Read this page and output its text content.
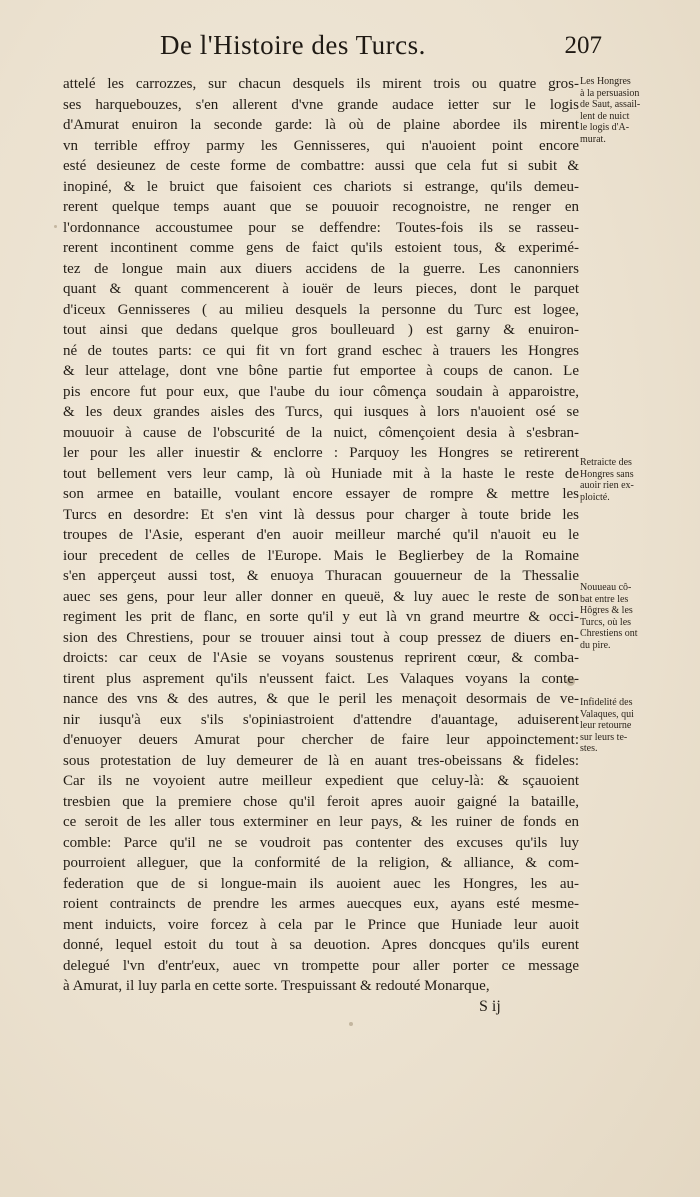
De l'Histoire des Turcs.	207
attelé les carrozzes, sur chacun desquels ils mirent trois ou quatre gros-
ses harquebouzes, s'en allerent d'vne grande audace ietter sur le logis
d'Amurat enuiron la seconde garde: là où de plaine abordee ils mirent
vn terrible effroy parmy les Gennisseres, qui n'auoient point encore
esté desieunez de ceste forme de combattre: aussi que cela fut si subit &
inopiné, & le bruict que faisoient ces chariots si estrange, qu'ils demeu-
rerent quelque temps auant que se pouuoir recognoistre, ne renger en
l'ordonnance accoustumee pour se deffendre: Toutes-fois ils se rasseu-
rerent incontinent comme gens de faict qu'ils estoient tous, & experimé-
tez de longue main aux diuers accidens de la guerre. Les canonniers
quant & quant commencerent à iouër de leurs pieces, dont le parquet
d'iceux Gennisseres ( au milieu desquels la personne du Turc est logee,
tout ainsi que dedans quelque gros boulleuard ) est garny & enuiron-
né de toutes parts: ce qui fit vn fort grand eschec à trauers les Hongres
& leur attelage, dont vne bône partie fut emportee à coups de canon. Le
pis encore fut pour eux, que l'aube du iour cômença soudain à apparoistre,
& les deux grandes aisles des Turcs, qui iusques à lors n'auoient osé se
mouuoir à cause de l'obscurité de la nuict, cômençoient desia à s'esbran-
ler pour les aller inuestir & enclorre : Parquoy les Hongres se retirerent
tout bellement vers leur camp, là où Huniade mit à la haste le reste de
son armee en bataille, voulant encore essayer de rompre & mettre les
Turcs en desordre: Et s'en vint là dessus pour charger à toute bride les
troupes de l'Asie, esperant d'en auoir meilleur marché qu'il n'auoit eu le
iour precedent de celles de l'Europe. Mais le Beglierbey de la Romaine
s'en apperçeut aussi tost, & enuoya Thuracan gouuerneur de la Thessalie
auec ses gens, pour leur aller donner en queuë, & luy auec le reste de son
regiment les prit de flanc, en sorte qu'il y eut là vn grand meurtre & occi-
sion des Chrestiens, pour se trouuer ainsi tout à coup pressez de diuers en-
droicts: car ceux de l'Asie se voyans soustenus reprirent cœur, & comba-
tirent plus asprement qu'ils n'eussent faict. Les Valaques voyans la conte-
nance des vns & des autres, & que le peril les menaçoit desormais de ve-
nir iusqu'à eux s'ils s'opiniastroient d'attendre d'auantage, aduiserent
d'enuoyer deuers Amurat pour chercher de faire leur appoinctement:
sous protestation de luy demeurer de là en auant tres-obeissans & fideles:
Car ils ne voyoient autre meilleur expedient que celuy-là: & sçauoient
tresbien que la premiere chose qu'il feroit apres auoir gaigné la bataille,
ce seroit de les aller tous exterminer en leur pays, & les ruiner de fonds en
comble: Parce qu'il ne se voudroit pas contenter des excuses qu'ils luy
pourroient alleguer, que la conformité de la religion, & alliance, & com-
federation que de si longue-main ils auoient auec les Hongres, les au-
roient contraincts de prendre les armes auecques eux, ayans esté mesme-
ment induicts, voire forcez à cela par le Prince que Huniade leur auoit
donné, lequel estoit du tout à sa deuotion. Apres doncques qu'ils eurent
delegué l'vn d'entr'eux, auec vn trompette pour aller porter ce message
à Amurat, il luy parla en cette sorte. Trespuissant & redouté Monarque,
Les Hongres
à la persuasion
de Saut, assail-
lent de nuict
le logis d'A-
murat.
Retraicte des
Hongres sans
auoir rien ex-
ploicté.
Nouueau cô-
bat entre les
Hôgres & les
Turcs, où les
Chrestiens ont
du pire.
Infidelité des
Valaques, qui
leur retourne
sur leurs te-
stes.
S ij
